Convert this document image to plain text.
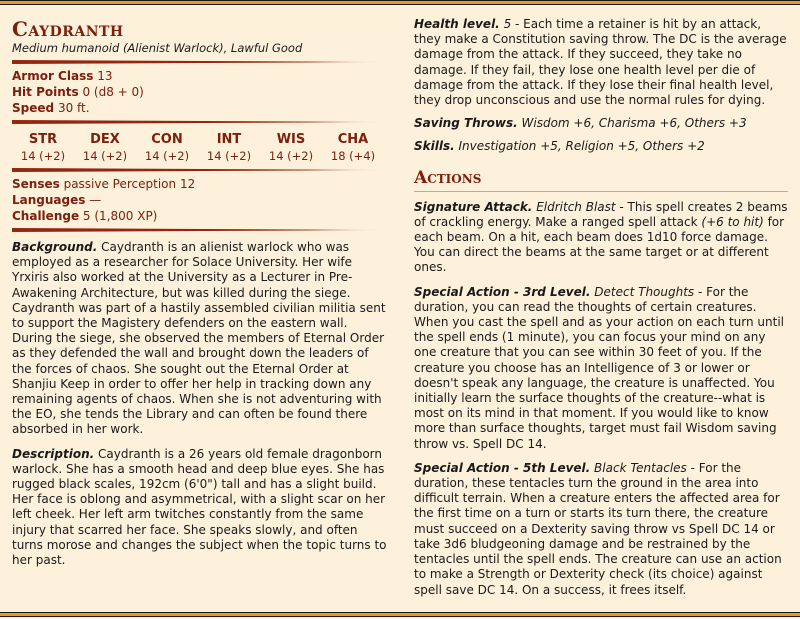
Caydranth

Medium humanoid (Alienist Warlock), Lawful Good

Armor Class 13
Hit Points 0 (d8 + 0)
Speed 30 ft.
STR
14 (+2)
DEX
14 (+2)
CON
14 (+2)
INT
14 (+2)
WIS
14 (+2)
CHA
18 (+4)
Senses passive Perception 12
Languages —
Challenge 5 (1,800 XP)

Background. Caydranth is an alienist warlock who was employed as a researcher for Solace University. Her wife Yrxiris also worked at the University as a Lecturer in Pre-Awakening Architecture, but was killed during the siege. Caydranth was part of a hastily assembled civilian militia sent to support the Magistery defenders on the eastern wall. During the siege, she observed the members of Eternal Order as they defended the wall and brought down the leaders of the forces of chaos. She sought out the Eternal Order at Shanjiu Keep in order to offer her help in tracking down any remaining agents of chaos. When she is not adventuring with the EO, she tends the Library and can often be found there absorbed in her work.

Description. Caydranth is a 26 years old female dragonborn warlock. She has a smooth head and deep blue eyes. She has rugged black scales, 192cm (6'0") tall and has a slight build. Her face is oblong and asymmetrical, with a slight scar on her left cheek. Her left arm twitches constantly from the same injury that scarred her face. She speaks slowly, and often turns morose and changes the subject when the topic turns to her past.

Health level. 5 - Each time a retainer is hit by an attack, they make a Constitution saving throw. The DC is the average damage from the attack. If they succeed, they take no damage. If they fail, they lose one health level per die of damage from the attack. If they lose their final health level, they drop unconscious and use the normal rules for dying.

Saving Throws. Wisdom +6, Charisma +6, Others +3

Skills. Investigation +5, Religion +5, Others +2

Actions

Signature Attack. Eldritch Blast - This spell creates 2 beams of crackling energy. Make a ranged spell attack (+6 to hit) for each beam. On a hit, each beam does 1d10 force damage. You can direct the beams at the same target or at different ones.

Special Action - 3rd Level. Detect Thoughts - For the duration, you can read the thoughts of certain creatures. When you cast the spell and as your action on each turn until the spell ends (1 minute), you can focus your mind on any one creature that you can see within 30 feet of you. If the creature you choose has an Intelligence of 3 or lower or doesn't speak any language, the creature is unaffected. You initially learn the surface thoughts of the creature--what is most on its mind in that moment. If you would like to know more than surface thoughts, target must fail Wisdom saving throw vs. Spell DC 14.

Special Action - 5th Level. Black Tentacles - For the duration, these tentacles turn the ground in the area into difficult terrain. When a creature enters the affected area for the first time on a turn or starts its turn there, the creature must succeed on a Dexterity saving throw vs Spell DC 14 or take 3d6 bludgeoning damage and be restrained by the tentacles until the spell ends. The creature can use an action to make a Strength or Dexterity check (its choice) against spell save DC 14. On a success, it frees itself.
